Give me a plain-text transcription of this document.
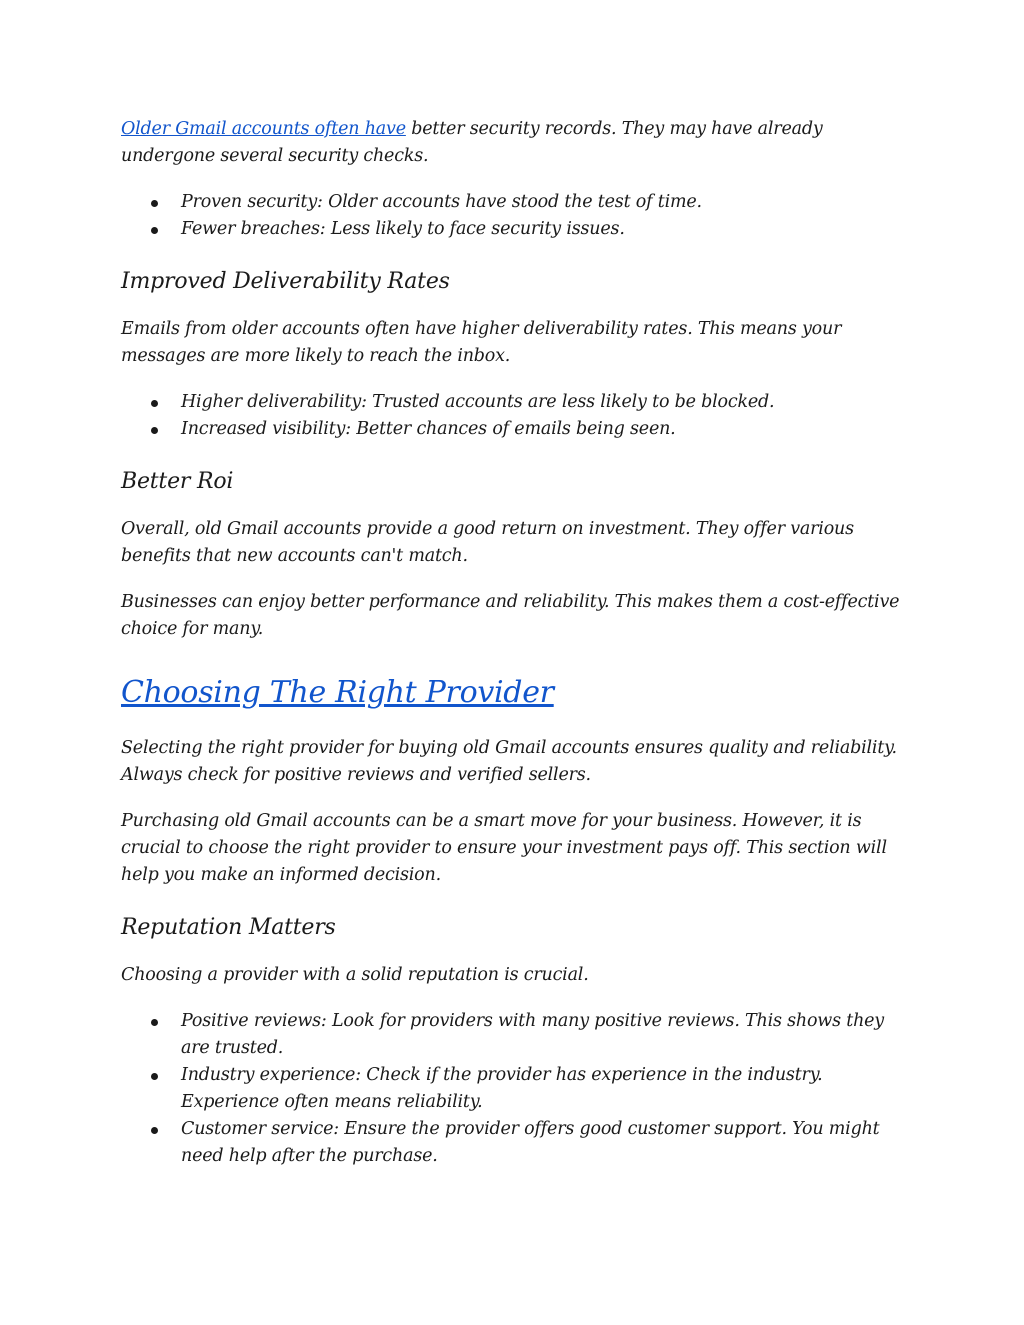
Older Gmail accounts often have better security records. They may have already undergone several security checks.

Proven security: Older accounts have stood the test of time.
Fewer breaches: Less likely to face security issues.
Improved Deliverability Rates

Emails from older accounts often have higher deliverability rates. This means your messages are more likely to reach the inbox.

Higher deliverability: Trusted accounts are less likely to be blocked.
Increased visibility: Better chances of emails being seen.
Better Roi

Overall, old Gmail accounts provide a good return on investment. They offer various benefits that new accounts can't match.

Businesses can enjoy better performance and reliability. This makes them a cost-effective choice for many.

Choosing The Right Provider

Selecting the right provider for buying old Gmail accounts ensures quality and reliability. Always check for positive reviews and verified sellers.

Purchasing old Gmail accounts can be a smart move for your business. However, it is crucial to choose the right provider to ensure your investment pays off. This section will help you make an informed decision.

Reputation Matters

Choosing a provider with a solid reputation is crucial.

Positive reviews: Look for providers with many positive reviews. This shows they are trusted.
Industry experience: Check if the provider has experience in the industry. Experience often means reliability.
Customer service: Ensure the provider offers good customer support. You might need help after the purchase.
